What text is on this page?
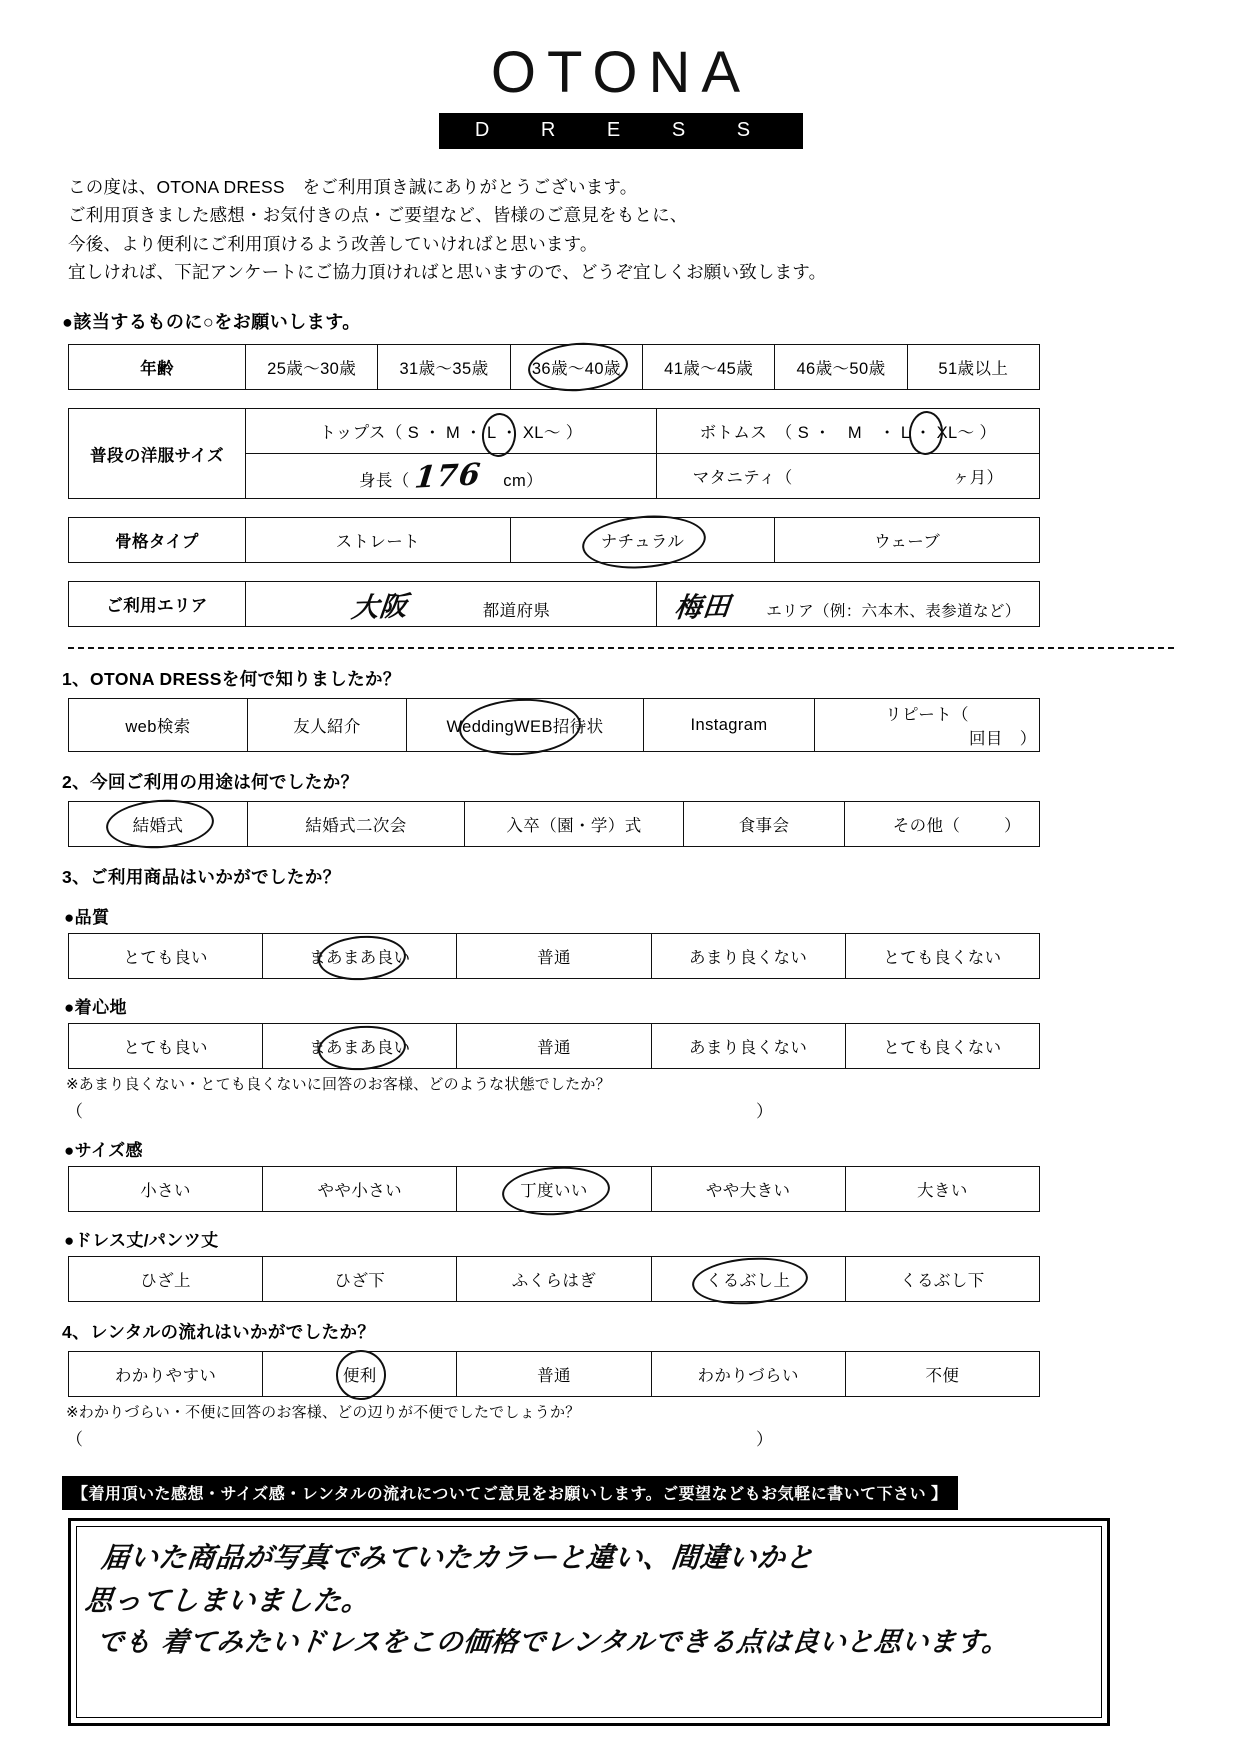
OTONA
D R E S S
この度は、OTONA DRESS　をご利用頂き誠にありがとうございます。
ご利用頂きました感想・お気付きの点・ご要望など、皆様のご意見をもとに、
今後、より便利にご利用頂けるよう改善していければと思います。
宜しければ、下記アンケートにご協力頂ければと思いますので、どうぞ宜しくお願い致します。
●該当するものに○をお願いします。
年齢	25歳～30歳	31歳～35歳	36歳～40歳	41歳～45歳	46歳～50歳	51歳以上
普段の洋服サイズ	トップス（ S ・ M ・ L ・ XL～ ）	ボトムス　（ S ・　M　・ L ・ XL～ ）

	身長（ 176 cm）	マタニティ（ ヶ月）
骨格タイプ	ストレート	ナチュラル	ウェーブ
ご利用エリア	大阪	都道府県	梅田 エリア（例：六本木、表参道など）
1、OTONA DRESSを何で知りましたか？
web検索	友人紹介	WeddingWEB招待状	Instagram	リピート（ 回目　）
2、今回ご利用の用途は何でしたか？
結婚式	結婚式二次会	入卒（園・学）式	食事会	その他（	）
3、ご利用商品はいかがでしたか？
●品質
とても良い	まあまあ良い	普通	あまり良くない	とても良くない
●着心地
とても良い	まあまあ良い	普通	あまり良くない	とても良くない
※あまり良くない・とても良くないに回答のお客様、どのような状態でしたか？
（	）
●サイズ感
小さい	やや小さい	丁度いい	やや大きい	大きい
●ドレス丈/パンツ丈
ひざ上	ひざ下	ふくらはぎ	くるぶし上	くるぶし下
4、レンタルの流れはいかがでしたか？
わかりやすい	便利	普通	わかりづらい	不便
※わかりづらい・不便に回答のお客様、どの辺りが不便でしたでしょうか？
（	）
【着用頂いた感想・サイズ感・レンタルの流れについてご意見をお願いします。ご要望などもお気軽に書いて下さい 】
届いた商品が写真でみていたカラーと違い、間違いかと
思ってしまいました。
でも 着てみたいドレスをこの価格でレンタルできる点は良いと思います。
